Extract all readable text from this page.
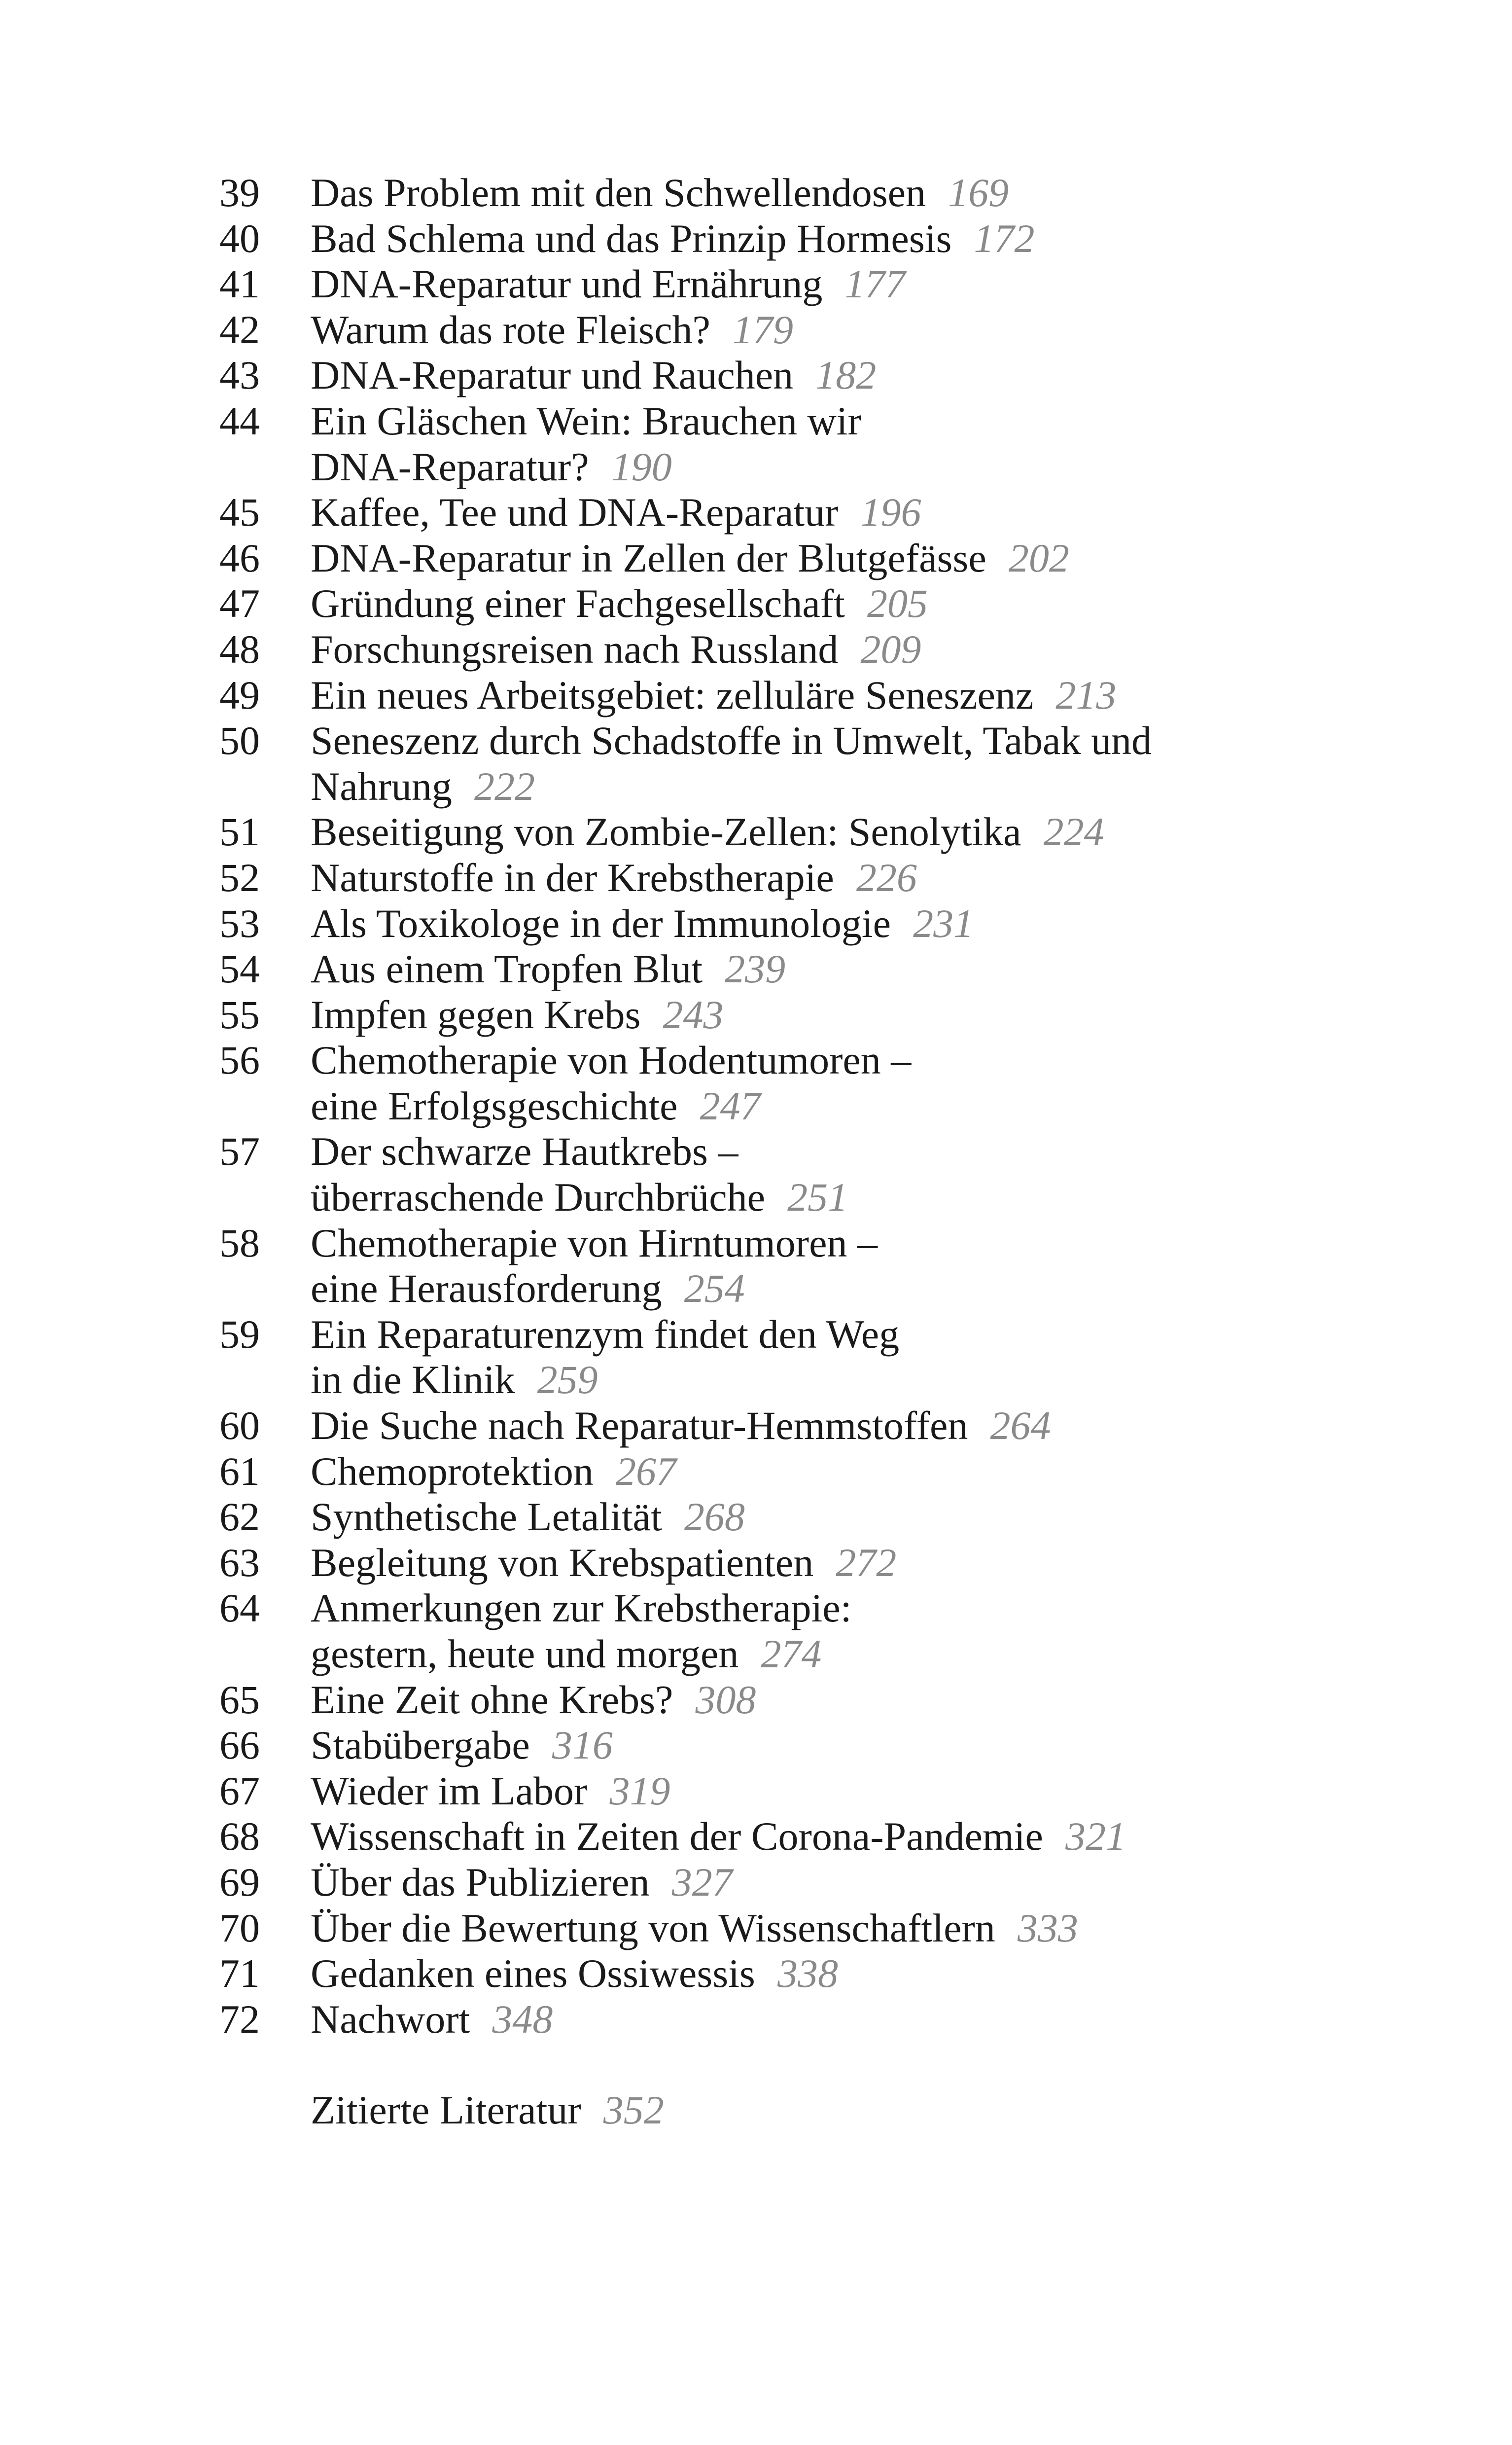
39	Das Problem mit den Schwellendosen 169
40	Bad Schlema und das Prinzip Hormesis 172
41	DNA-Reparatur und Ernährung 177
42	Warum das rote Fleisch? 179
43	DNA-Reparatur und Rauchen 182
44	Ein Gläschen Wein: Brauchen wir
DNA-Reparatur? 190
45	Kaffee, Tee und DNA-Reparatur 196
46	DNA-Reparatur in Zellen der Blutgefässe 202
47	Gründung einer Fachgesellschaft 205
48	Forschungsreisen nach Russland 209
49	Ein neues Arbeitsgebiet: zelluläre Seneszenz 213
50	Seneszenz durch Schadstoffe in Umwelt, Tabak und
Nahrung 222
51	Beseitigung von Zombie-Zellen: Senolytika 224
52	Naturstoffe in der Krebstherapie 226
53	Als Toxikologe in der Immunologie 231
54	Aus einem Tropfen Blut 239
55	Impfen gegen Krebs 243
56	Chemotherapie von Hodentumoren –
eine Erfolgsgeschichte 247
57	Der schwarze Hautkrebs –
überraschende Durchbrüche 251
58	Chemotherapie von Hirntumoren –
eine Herausforderung 254
59	Ein Reparaturenzym findet den Weg
in die Klinik 259
60	Die Suche nach Reparatur-Hemmstoffen 264
61	Chemoprotektion 267
62	Synthetische Letalität 268
63	Begleitung von Krebspatienten 272
64	Anmerkungen zur Krebstherapie:
gestern, heute und morgen 274
65	Eine Zeit ohne Krebs? 308
66	Stabübergabe 316
67	Wieder im Labor 319
68	Wissenschaft in Zeiten der Corona-Pandemie 321
69	Über das Publizieren 327
70	Über die Bewertung von Wissenschaftlern 333
71	Gedanken eines Ossiwessis 338
72	Nachwort 348
Zitierte Literatur 352
